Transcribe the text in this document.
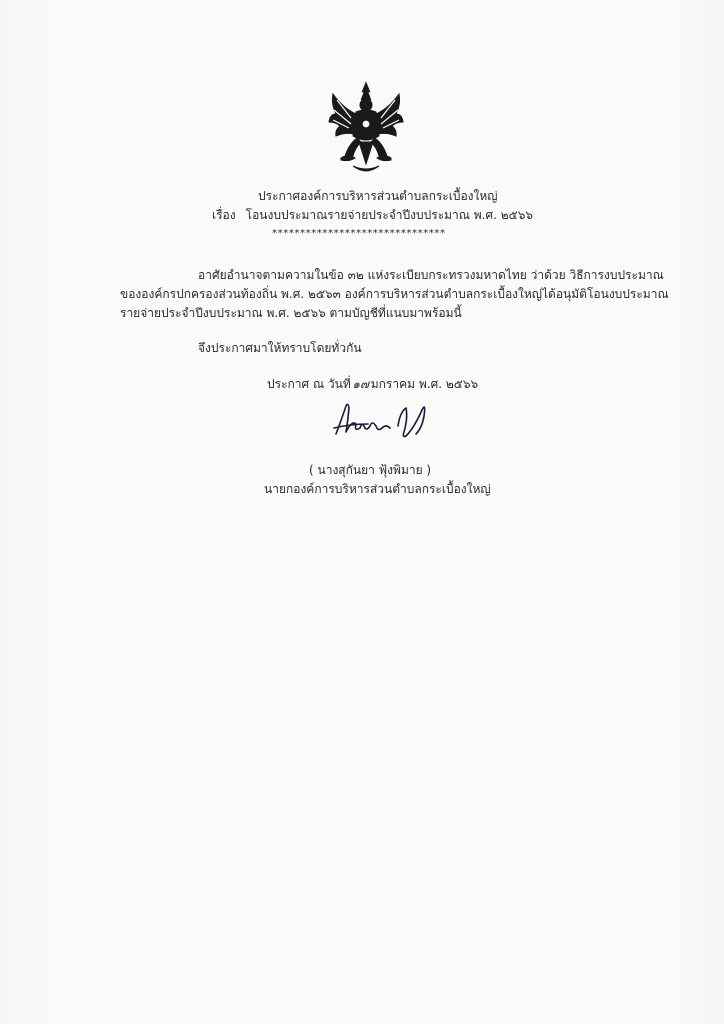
ประกาศองค์การบริหารส่วนตำบลกระเบื้องใหญ่
เรื่อง โอนงบประมาณรายจ่ายประจำปีงบประมาณ พ.ศ. ๒๕๖๖
*******************************
อาศัยอำนาจตามความในข้อ ๓๒ แห่งระเบียบกระทรวงมหาดไทย ว่าด้วย วิธีการงบประมาณ
ขององค์กรปกครองส่วนท้องถิ่น พ.ศ. ๒๕๖๓ องค์การบริหารส่วนตำบลกระเบื้องใหญ่ได้อนุมัติโอนงบประมาณ
รายจ่ายประจำปีงบประมาณ พ.ศ. ๒๕๖๖ ตามบัญชีที่แนบมาพร้อมนี้
จึงประกาศมาให้ทราบโดยทั่วกัน
ประกาศ ณ วันที่ ๑๗ มกราคม พ.ศ. ๒๕๖๖
( นางสุกันยา ฟุ้งพิมาย )
นายกองค์การบริหารส่วนตำบลกระเบื้องใหญ่
